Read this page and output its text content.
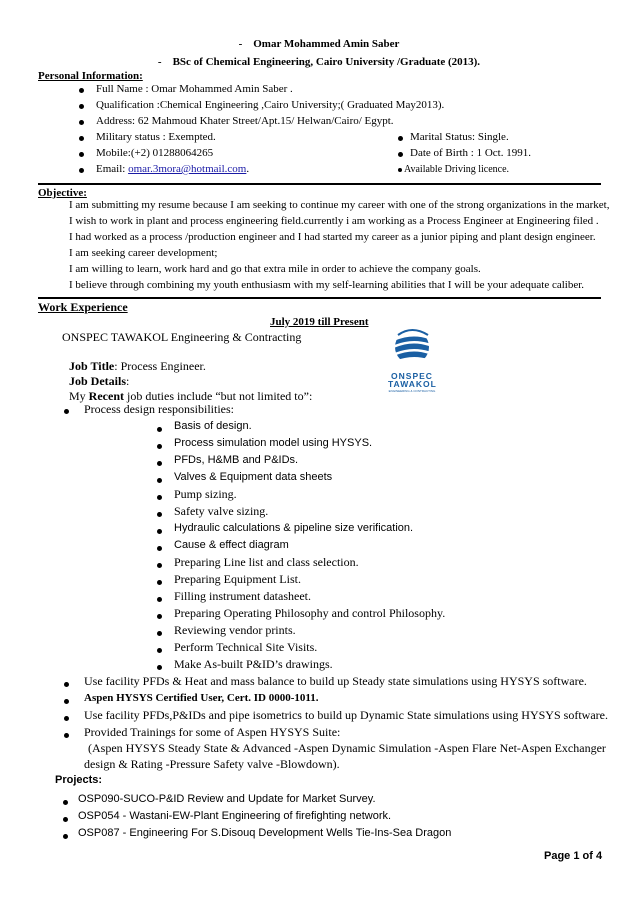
- Omar Mohammed Amin Saber
- BSc of Chemical Engineering, Cairo University /Graduate (2013).
Personal Information:
Full Name : Omar Mohammed Amin Saber .
Qualification :Chemical Engineering ,Cairo University;( Graduated May2013).
Address: 62 Mahmoud Khater Street/Apt.15/ Helwan/Cairo/ Egypt.
Military status : Exempted.
Mobile:(+2) 01288064265
Email: omar.3mora@hotmail.com.
Marital Status: Single.
Date of Birth : 1 Oct. 1991.
Available Driving licence.
Objective:
I am submitting my resume because I am seeking to continue my career with one of the strong organizations in the market,
I wish to work in plant and process engineering field.currently i am working as a Process Engineer at Engineering filed .
I had worked as a process /production engineer and I had started my career as a junior piping and plant design engineer.
I am seeking career development;
I am willing to learn, work hard and go that extra mile in order to achieve the company goals.
I believe through combining my youth enthusiasm with my self-learning abilities that I will be your adequate caliber.
Work Experience
July 2019 till Present
ONSPEC TAWAKOL Engineering & Contracting
ONSPEC
TAWAKOL
ENGINEERING & CONTRACTING
Job Title: Process Engineer.
Job Details:
My Recent job duties include “but not limited to”:
Process design responsibilities:
Basis of design.
Process simulation model using HYSYS.
PFDs, H&MB and P&IDs.
Valves & Equipment data sheets
Pump sizing.
Safety valve sizing.
Hydraulic calculations & pipeline size verification.
Cause & effect diagram
Preparing Line list and class selection.
Preparing Equipment List.
Filling instrument datasheet.
Preparing Operating Philosophy and control Philosophy.
Reviewing vendor prints.
Perform Technical Site Visits.
Make As-built P&ID’s drawings.
Use facility PFDs & Heat and mass balance to build up Steady state simulations using HYSYS software.
Aspen HYSYS Certified User, Cert. ID 0000-1011.
Use facility PFDs,P&IDs and pipe isometrics to build up Dynamic State simulations using HYSYS software.
Provided Trainings for some of Aspen HYSYS Suite:
(Aspen HYSYS Steady State & Advanced -Aspen Dynamic Simulation -Aspen Flare Net-Aspen Exchanger
design & Rating -Pressure Safety valve -Blowdown).
Projects:
OSP090-SUCO-P&ID Review and Update for Market Survey.
OSP054 - Wastani-EW-Plant Engineering of firefighting network.
OSP087 - Engineering For S.Disouq Development Wells Tie-Ins-Sea Dragon
Page 1 of 4
